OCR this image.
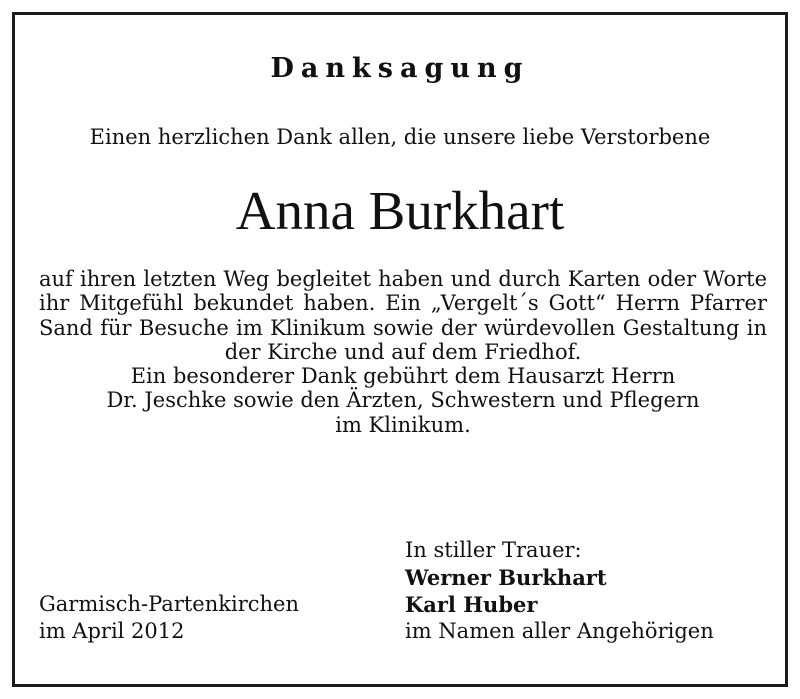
Danksagung
Einen herzlichen Dank allen, die unsere liebe Verstorbene
Anna Burkhart

auf ihren letzten Weg begleitet haben und durch Karten oder Worte ihr Mitgefühl bekundet haben. Ein „Vergelt´s Gott“ Herrn Pfarrer Sand für Besuche im Klinikum sowie der würdevollen Gestaltung in der Kirche und auf dem Friedhof.

Ein besonderer Dank gebührt dem Hausarzt Herrn
Dr. Jeschke sowie den Ärzten, Schwestern und Pflegern
im Klinikum.

Garmisch-Partenkirchen
im April 2012
In stiller Trauer:
Werner Burkhart
Karl Huber
im Namen aller Angehörigen
